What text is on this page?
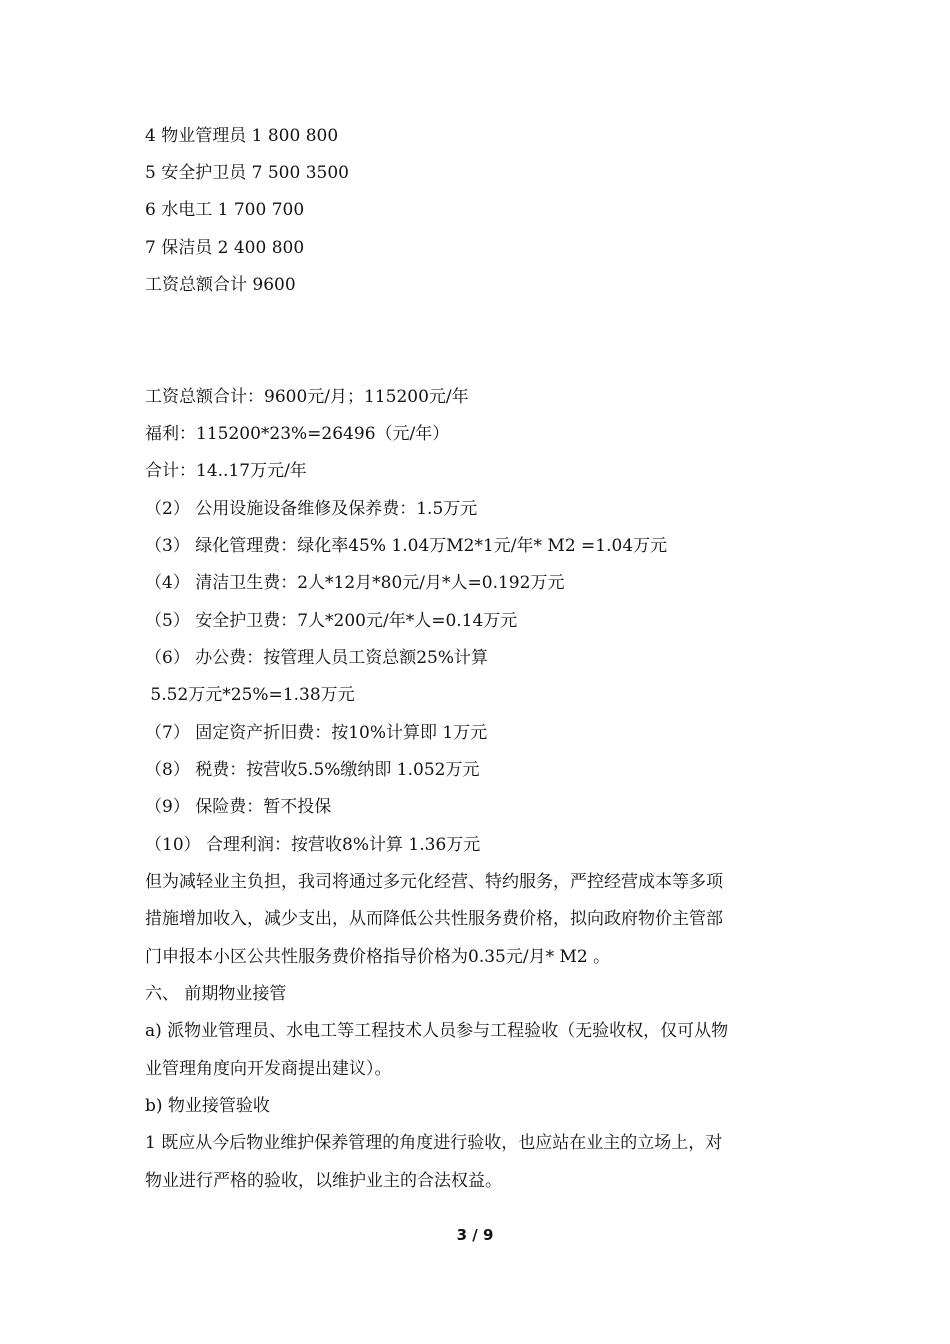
4 物业管理员 1 800 800
5 安全护卫员 7 500 3500
6 水电工 1 700 700
7 保洁员 2 400 800
工资总额合计 9600
工资总额合计：9600元/月；115200元/年
福利：115200*23%=26496（元/年）
合计：14..17万元/年
（2） 公用设施设备维修及保养费：1.5万元
（3） 绿化管理费：绿化率45% 1.04万M2*1元/年* M2 =1.04万元
（4） 清洁卫生费：2人*12月*80元/月*人=0.192万元
（5） 安全护卫费：7人*200元/年*人=0.14万元
（6） 办公费：按管理人员工资总额25%计算
5.52万元*25%=1.38万元
（7） 固定资产折旧费：按10%计算即 1万元
（8） 税费：按营收5.5%缴纳即 1.052万元
（9） 保险费：暂不投保
（10） 合理利润：按营收8%计算 1.36万元
但为减轻业主负担，我司将通过多元化经营、特约服务，严控经营成本等多项
措施增加收入，减少支出，从而降低公共性服务费价格，拟向政府物价主管部
门申报本小区公共性服务费价格指导价格为0.35元/月* M2 。
六、 前期物业接管
a) 派物业管理员、水电工等工程技术人员参与工程验收（无验收权，仅可从物
业管理角度向开发商提出建议）。
b) 物业接管验收
1 既应从今后物业维护保养管理的角度进行验收，也应站在业主的立场上，对
物业进行严格的验收，以维护业主的合法权益。
3 / 9
